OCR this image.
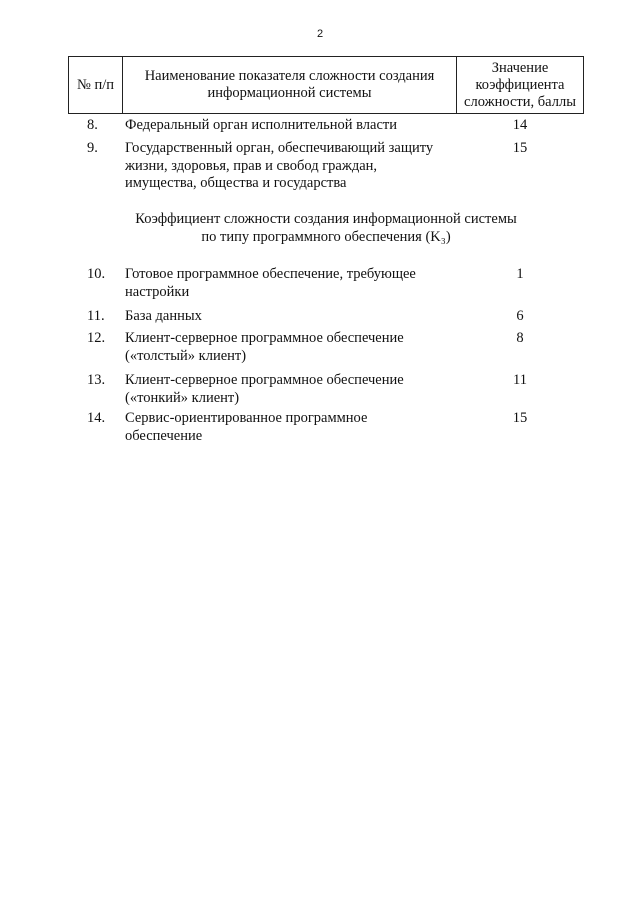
2
№ п/п
Наименование показателя сложности создания информационной системы
Значение коэффициента сложности, баллы
8. Федеральный орган исполнительной власти	14
9. Государственный орган, обеспечивающий защиту жизни, здоровья, прав и свобод граждан, имущества, общества и государства
15
Коэффициент сложности создания информационной системы
по типу программного обеспечения (K₃)
10. Готовое программное обеспечение, требующее настройки
1
11. База данных	6
12. Клиент-серверное программное обеспечение («толстый» клиент)
8
13. Клиент-серверное программное обеспечение («тонкий» клиент)
11
14. Сервис-ориентированное программное обеспечение
15
